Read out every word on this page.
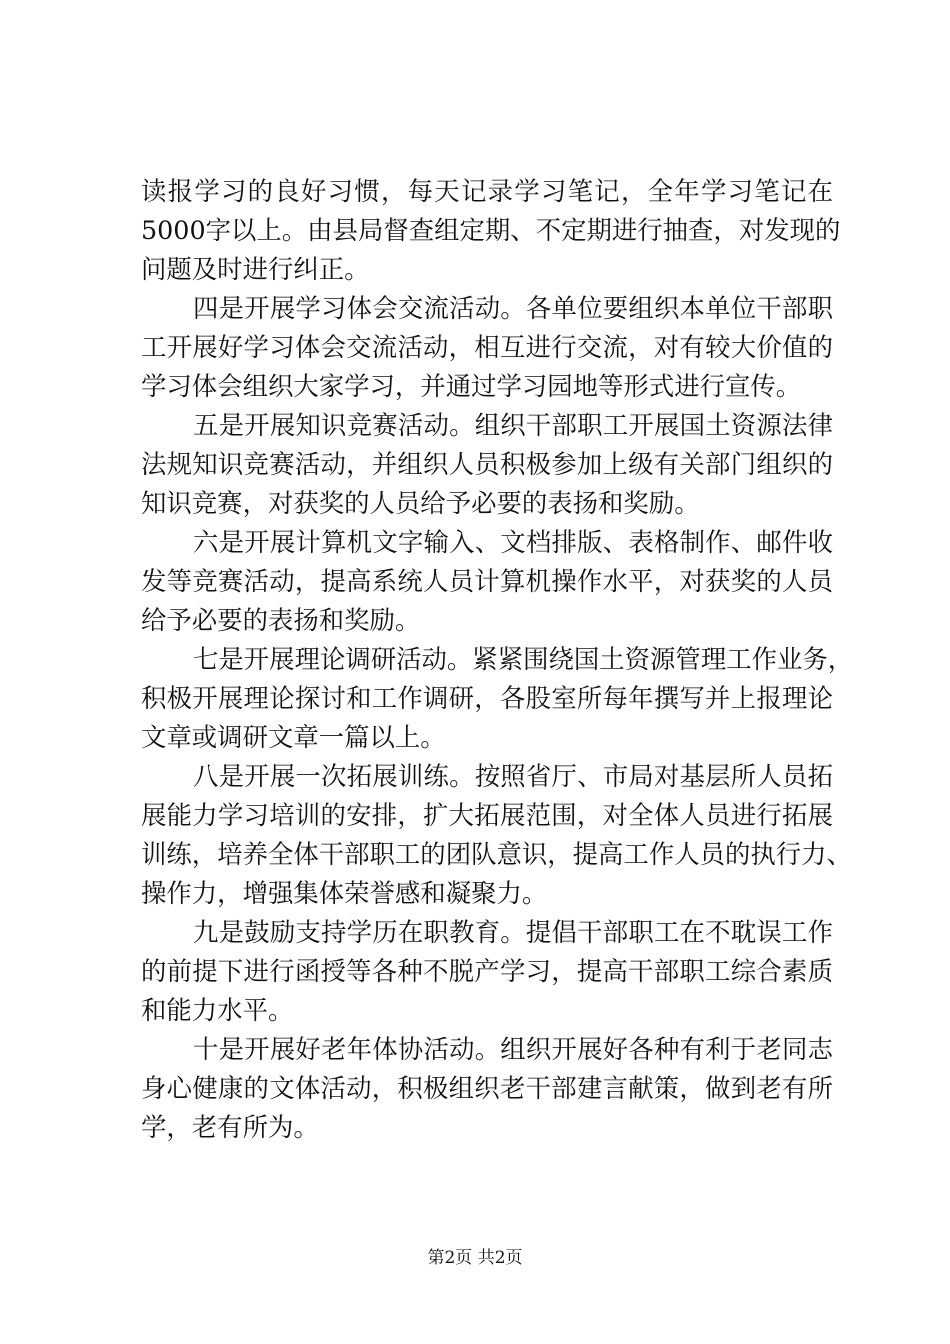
读报学习的良好习惯，每天记录学习笔记，全年学习笔记在
5000字以上。由县局督查组定期、不定期进行抽查，对发现的
问题及时进行纠正。
四是开展学习体会交流活动。各单位要组织本单位干部职
工开展好学习体会交流活动，相互进行交流，对有较大价值的
学习体会组织大家学习，并通过学习园地等形式进行宣传。
五是开展知识竞赛活动。组织干部职工开展国土资源法律
法规知识竞赛活动，并组织人员积极参加上级有关部门组织的
知识竞赛，对获奖的人员给予必要的表扬和奖励。
六是开展计算机文字输入、文档排版、表格制作、邮件收
发等竞赛活动，提高系统人员计算机操作水平，对获奖的人员
给予必要的表扬和奖励。
七是开展理论调研活动。紧紧围绕国土资源管理工作业务，
积极开展理论探讨和工作调研，各股室所每年撰写并上报理论
文章或调研文章一篇以上。
八是开展一次拓展训练。按照省厅、市局对基层所人员拓
展能力学习培训的安排，扩大拓展范围，对全体人员进行拓展
训练，培养全体干部职工的团队意识，提高工作人员的执行力、
操作力，增强集体荣誉感和凝聚力。
九是鼓励支持学历在职教育。提倡干部职工在不耽误工作
的前提下进行函授等各种不脱产学习，提高干部职工综合素质
和能力水平。
十是开展好老年体协活动。组织开展好各种有利于老同志
身心健康的文体活动，积极组织老干部建言献策，做到老有所
学，老有所为。
第2页 共2页
